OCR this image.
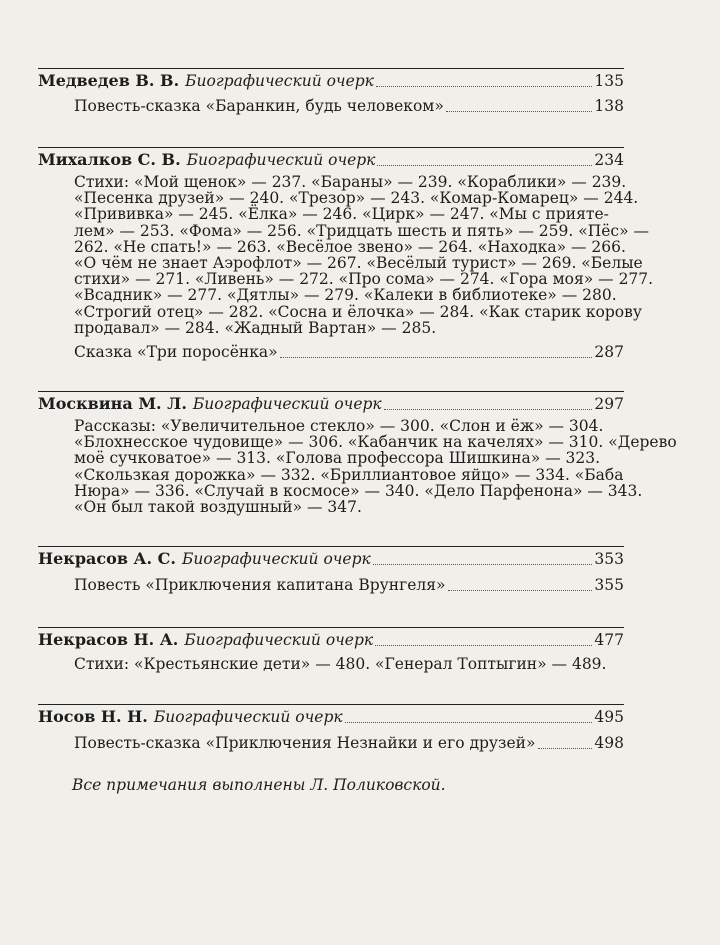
Медведев В. В. Биографический очерк	135
Повесть-сказка «Баранкин, будь человеком»	138
Михалков С. В. Биографический очерк	234
Стихи: «Мой щенок» — 237. «Бараны» — 239. «Кораблики» — 239.
«Песенка друзей» — 240. «Трезор» — 243. «Комар-Комарец» — 244.
«Прививка» — 245. «Ёлка» — 246. «Цирк» — 247. «Мы с прияте-
лем» — 253. «Фома» — 256. «Тридцать шесть и пять» — 259. «Пёс» —
262. «Не спать!» — 263. «Весёлое звено» — 264. «Находка» — 266.
«О чём не знает Аэрофлот» — 267. «Весёлый турист» — 269. «Белые
стихи» — 271. «Ливень» — 272. «Про сома» — 274. «Гора моя» — 277.
«Всадник» — 277. «Дятлы» — 279. «Калеки в библиотеке» — 280.
«Строгий отец» — 282. «Сосна и ёлочка» — 284. «Как старик корову
продавал» — 284. «Жадный Вартан» — 285.
Сказка «Три поросёнка»	287
Москвина М. Л. Биографический очерк	297
Рассказы: «Увеличительное стекло» — 300. «Слон и ёж» — 304.
«Блохнесское чудовище» — 306. «Кабанчик на качелях» — 310. «Дерево
моё сучковатое» — 313. «Голова профессора Шишкина» — 323.
«Скользкая дорожка» — 332. «Бриллиантовое яйцо» — 334. «Баба
Нюра» — 336. «Случай в космосе» — 340. «Дело Парфенона» — 343.
«Он был такой воздушный» — 347.
Некрасов А. С. Биографический очерк	353
Повесть «Приключения капитана Врунгеля»	355
Некрасов Н. А. Биографический очерк	477
Стихи: «Крестьянские дети» — 480. «Генерал Топтыгин» — 489.
Носов Н. Н. Биографический очерк	495
Повесть-сказка «Приключения Незнайки и его друзей»	498
Все примечания выполнены Л. Поликовской.
